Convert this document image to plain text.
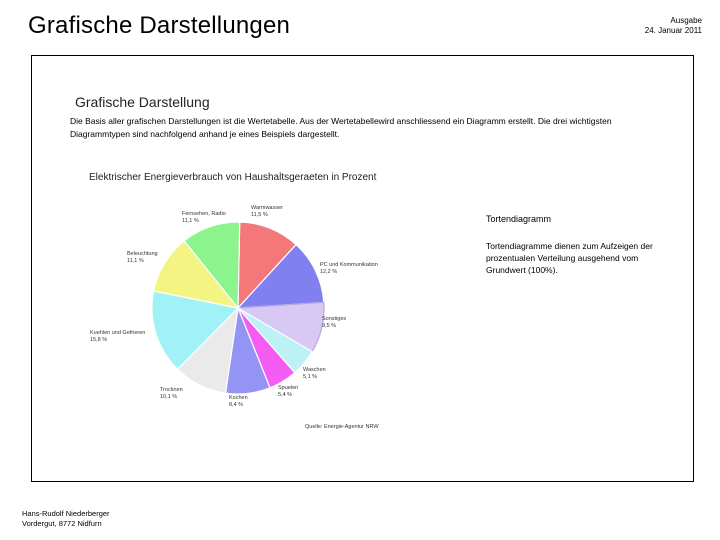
Grafische Darstellungen	Ausgabe
24. Januar 2011
Grafische Darstellung
Die Basis aller grafischen Darstellungen ist die Wertetabelle. Aus der Wertetabellewird anschliessend ein Diagramm erstellt. Die drei wichtigsten Diagrammtypen sind nachfolgend anhand je eines Beispiels dargestellt.
Elektrischer Energieverbrauch von Haushaltsgeraeten in Prozent
Warmwasser
11,5 %
PC und Kommunikation
12,2 %
Sonstiges
9,5 %
Waschen
5,1 %
Spuelen
5,4 %
Kochen
8,4 %
Trocknen
10,1 %
Kuehlen und Gefrieren
15,8 %
Beleuchtung
11,1 %
Fernsehen, Radio
11,1 %
Quelle: Energie-Agentur NRW
Tortendiagramm
Tortendiagramme dienen zum Aufzeigen der prozentualen Verteilung ausgehend vom Grundwert (100%).
Hans-Rudolf Niederberger
Vordergut, 8772 Nidfurn
